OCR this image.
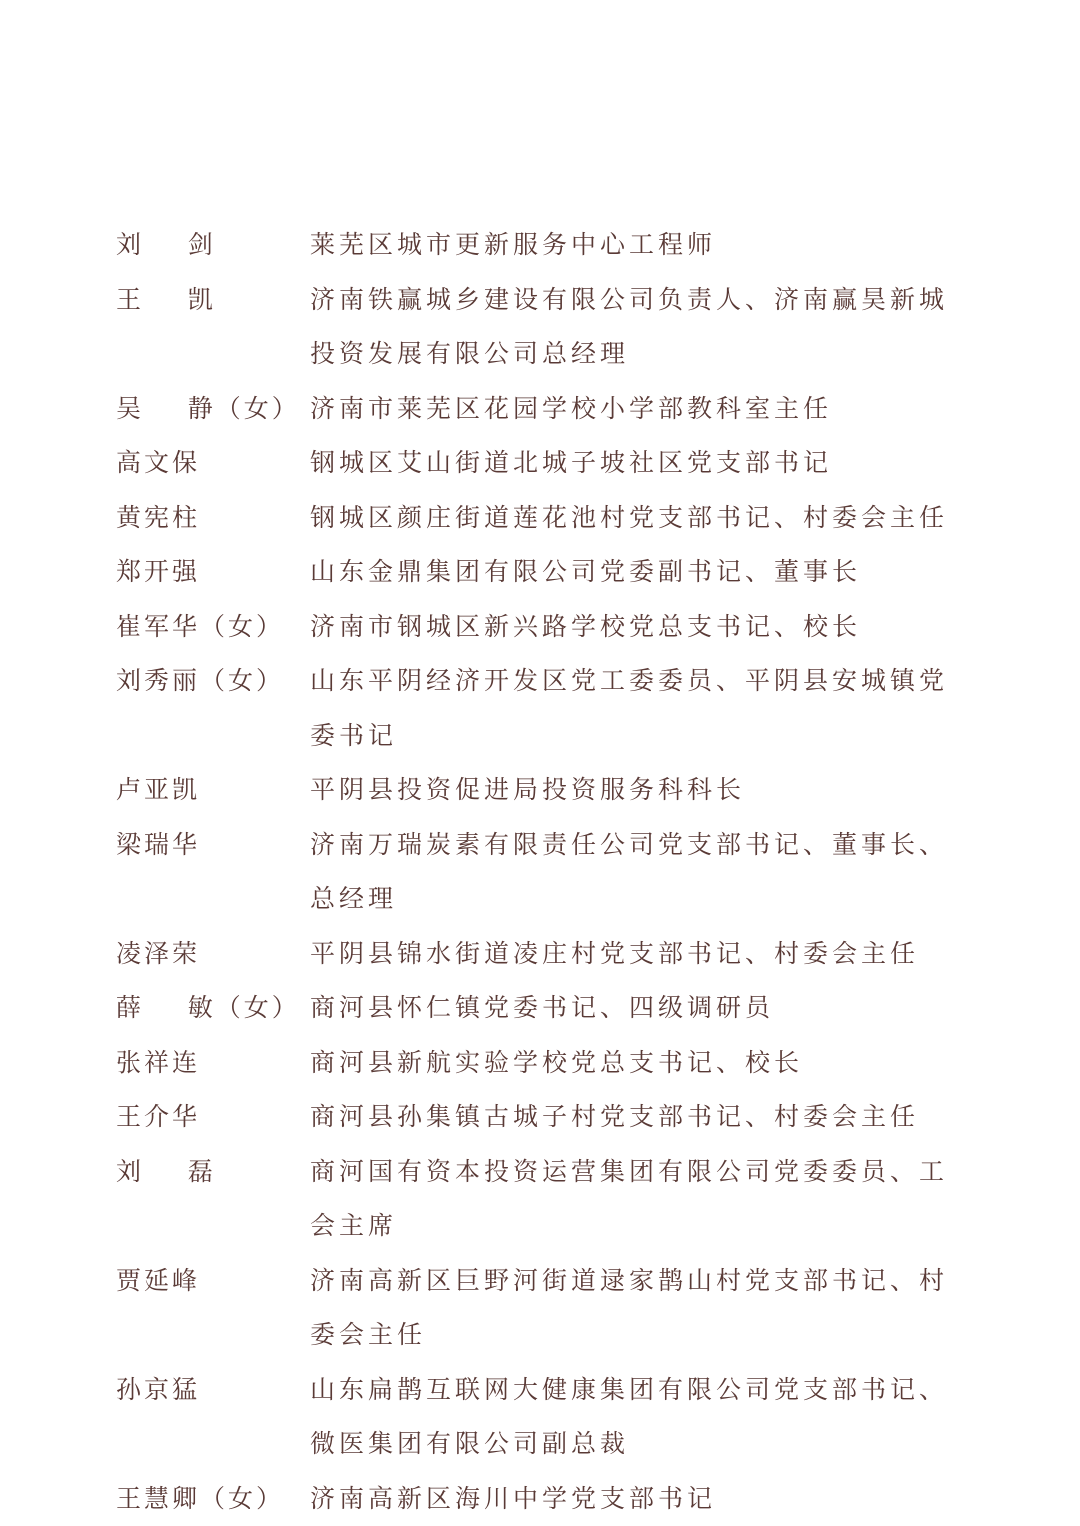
刘    剑	莱芜区城市更新服务中心工程师
王    凯	济南铁赢城乡建设有限公司负责人、济南赢昊新城投资发展有限公司总经理
吴    静（女） 济南市莱芜区花园学校小学部教科室主任
高文保	钢城区艾山街道北城子坡社区党支部书记
黄宪柱	钢城区颜庄街道莲花池村党支部书记、村委会主任
郑开强	山东金鼎集团有限公司党委副书记、董事长
崔军华（女）	济南市钢城区新兴路学校党总支书记、校长
刘秀丽（女）	山东平阴经济开发区党工委委员、平阴县安城镇党委书记
卢亚凯	平阴县投资促进局投资服务科科长
梁瑞华	济南万瑞炭素有限责任公司党支部书记、董事长、总经理
凌泽荣	平阴县锦水街道凌庄村党支部书记、村委会主任
薛    敏（女） 商河县怀仁镇党委书记、四级调研员
张祥连	商河县新航实验学校党总支书记、校长
王介华	商河县孙集镇古城子村党支部书记、村委会主任
刘    磊	商河国有资本投资运营集团有限公司党委委员、工会主席
贾延峰	济南高新区巨野河街道逯家鹊山村党支部书记、村委会主任
孙京猛	山东扁鹊互联网大健康集团有限公司党支部书记、微医集团有限公司副总裁
王慧卿（女）	济南高新区海川中学党支部书记
